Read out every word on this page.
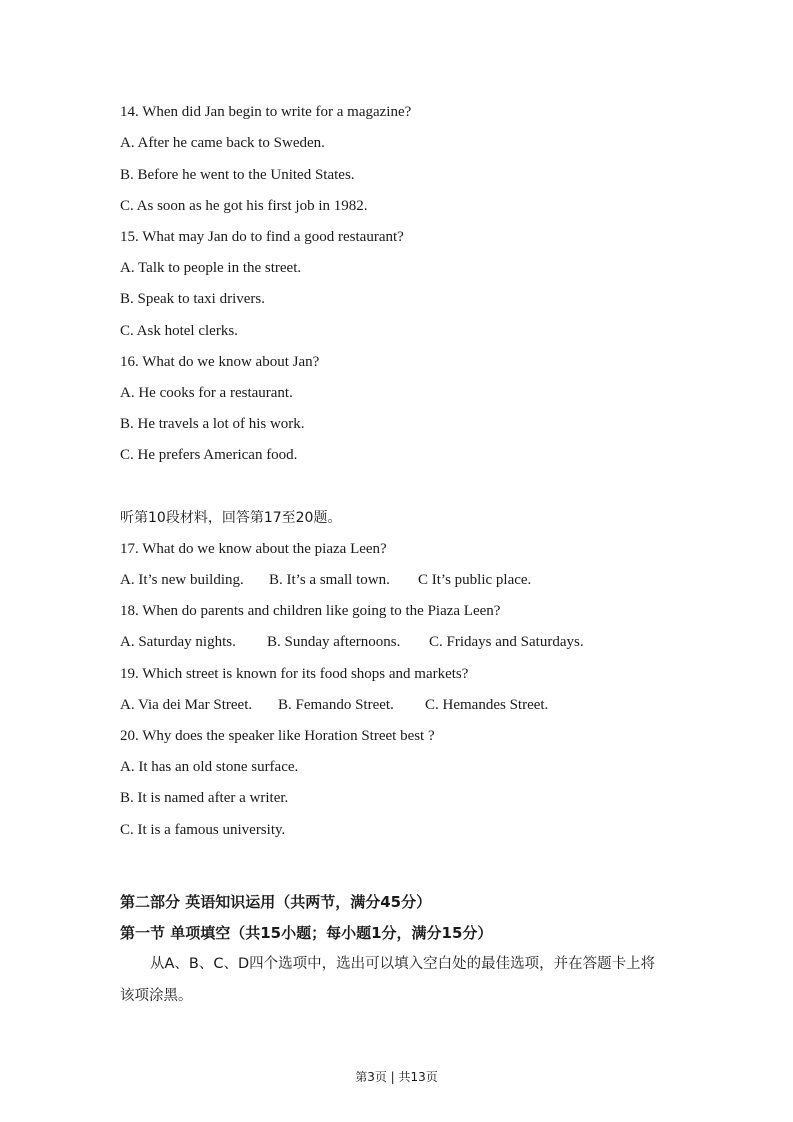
14. When did Jan begin to write for a magazine?
A. After he came back to Sweden.
B. Before he went to the United States.
C. As soon as he got his first job in 1982.
15. What may Jan do to find a good restaurant?
A. Talk to people in the street.
B. Speak to taxi drivers.
C. Ask hotel clerks.
16. What do we know about Jan?
A. He cooks for a restaurant.
B. He travels a lot of his work.
C. He prefers American food.
听第10段材料，回答第17至20题。
17. What do we know about the piaza Leen?
A. It’s new building. B. It’s a small town. C It’s public place.
18. When do parents and children like going to the Piaza Leen?
A. Saturday nights. B. Sunday afternoons. C. Fridays and Saturdays.
19. Which street is known for its food shops and markets?
A. Via dei Mar Street. B. Femando Street. C. Hemandes Street.
20. Why does the speaker like Horation Street best ?
A. It has an old stone surface.
B. It is named after a writer.
C. It is a famous university.
第二部分 英语知识运用（共两节，满分45分）
第一节 单项填空（共15小题；每小题1分，满分15分）

从A、B、C、D四个选项中，选出可以填入空白处的最佳选项，并在答题卡上将该项涂黑。

第3页 | 共13页
